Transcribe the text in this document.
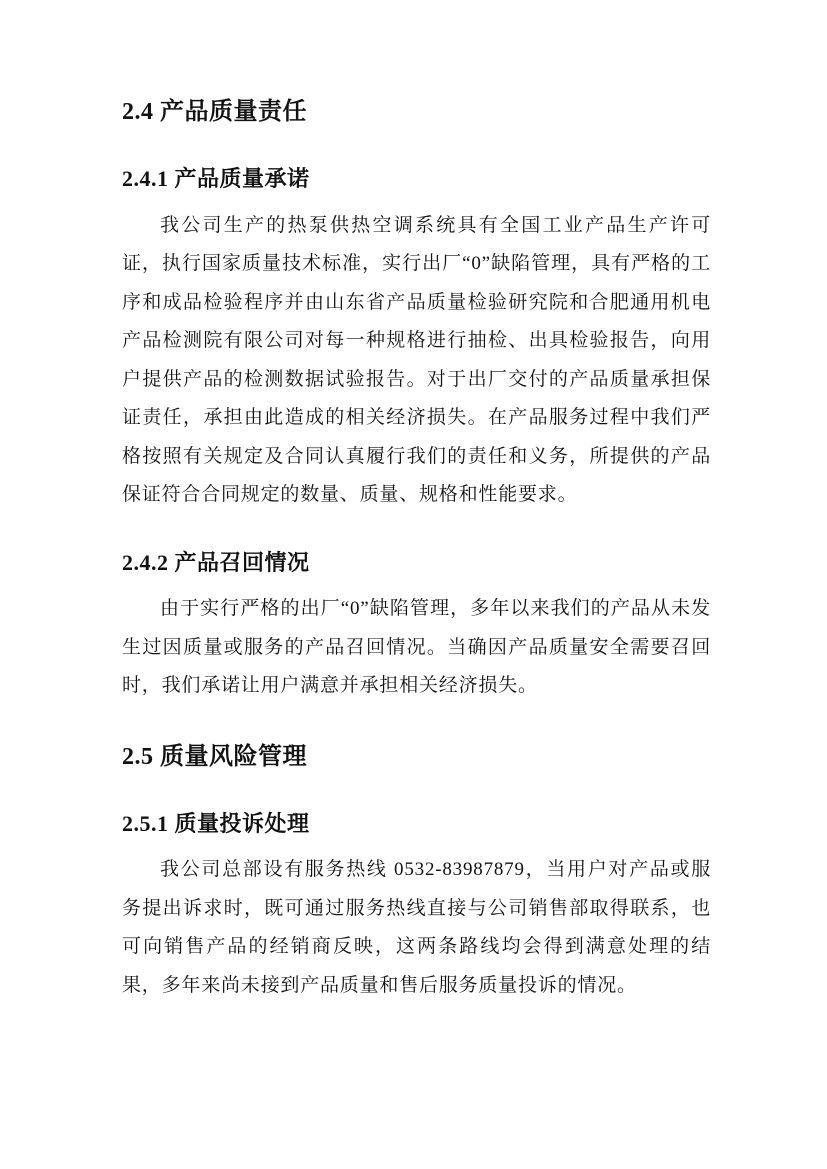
2.4 产品质量责任
2.4.1 产品质量承诺

我公司生产的热泵供热空调系统具有全国工业产品生产许可证，执行国家质量技术标准，实行出厂“0”缺陷管理，具有严格的工序和成品检验程序并由山东省产品质量检验研究院和合肥通用机电产品检测院有限公司对每一种规格进行抽检、出具检验报告，向用户提供产品的检测数据试验报告。对于出厂交付的产品质量承担保证责任，承担由此造成的相关经济损失。在产品服务过程中我们严格按照有关规定及合同认真履行我们的责任和义务，所提供的产品保证符合合同规定的数量、质量、规格和性能要求。

2.4.2 产品召回情况

由于实行严格的出厂“0”缺陷管理，多年以来我们的产品从未发生过因质量或服务的产品召回情况。当确因产品质量安全需要召回时，我们承诺让用户满意并承担相关经济损失。

2.5 质量风险管理
2.5.1 质量投诉处理

我公司总部设有服务热线 0532-83987879，当用户对产品或服务提出诉求时，既可通过服务热线直接与公司销售部取得联系，也可向销售产品的经销商反映，这两条路线均会得到满意处理的结果，多年来尚未接到产品质量和售后服务质量投诉的情况。
